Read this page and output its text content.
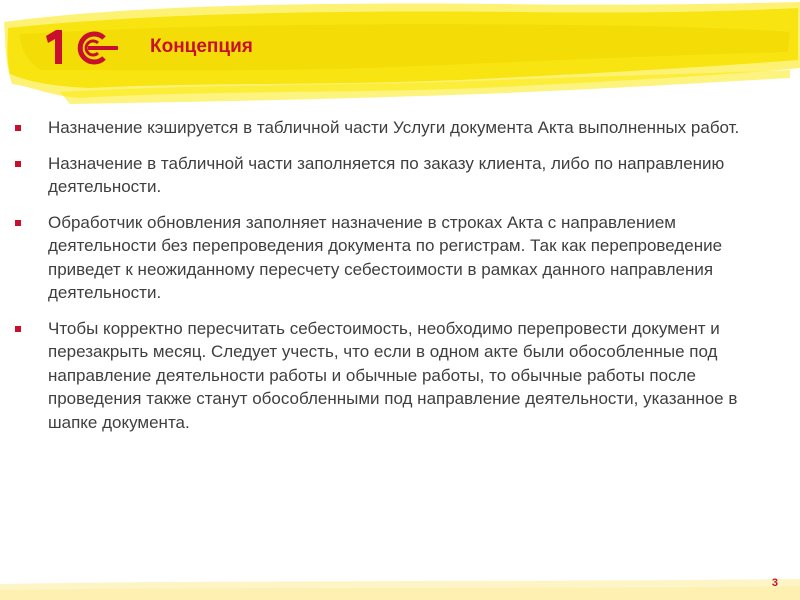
Концепция
Назначение кэшируется в табличной части Услуги документа Акта выполненных работ.
Назначение в табличной части заполняется по заказу клиента, либо по направлению деятельности.
Обработчик обновления заполняет назначение в строках Акта с направлением деятельности без перепроведения документа по регистрам. Так как перепроведение приведет к неожиданному пересчету себестоимости в рамках данного направления деятельности.
Чтобы корректно пересчитать себестоимость, необходимо перепровести документ и перезакрыть месяц. Следует учесть, что если в одном акте были обособленные под направление деятельности работы и обычные работы, то обычные работы после проведения также станут обособленными под направление деятельности, указанное в шапке документа.
3
